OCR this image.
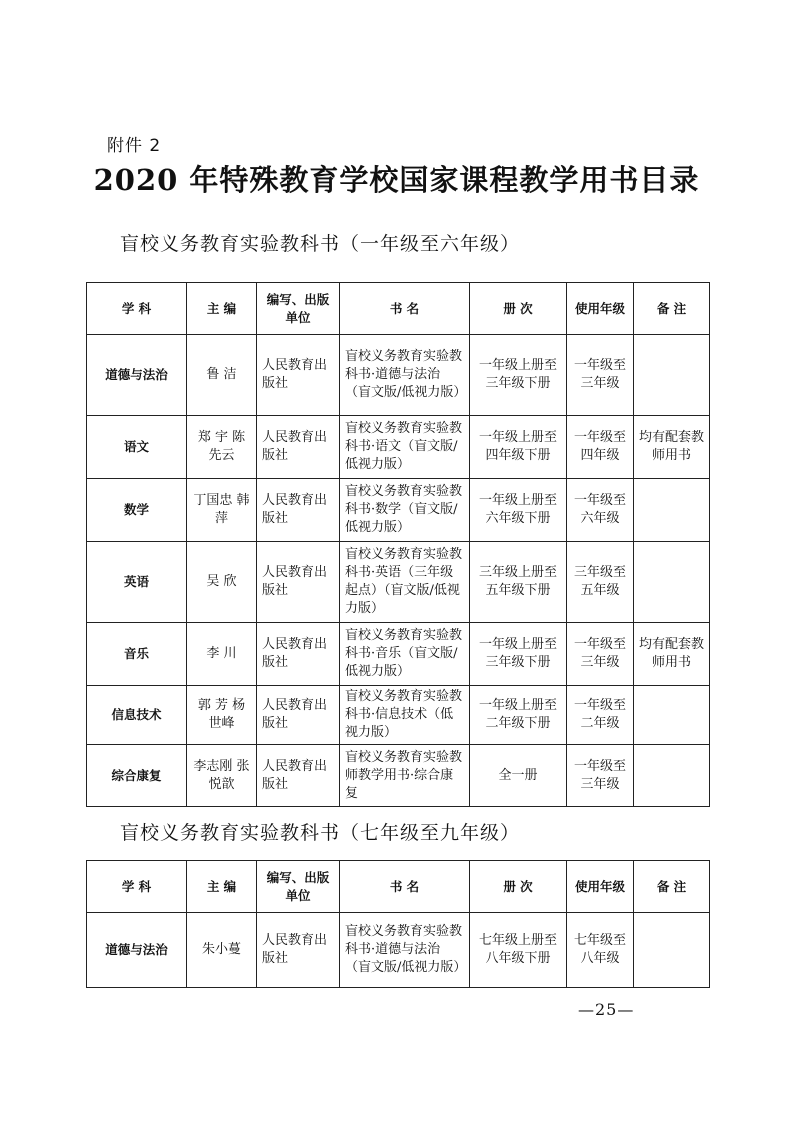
附件 2
2020 年特殊教育学校国家课程教学用书目录
盲校义务教育实验教科书（一年级至六年级）
学 科	主 编	编写、出版单位	书 名	册 次	使用年级	备 注
道德与法治	鲁 洁	人民教育出版社	盲校义务教育实验教科书·道德与法治（盲文版/低视力版）	一年级上册至三年级下册	一年级至三年级	
语文	郑 宇 陈先云	人民教育出版社	盲校义务教育实验教科书·语文（盲文版/低视力版）	一年级上册至四年级下册	一年级至四年级	均有配套教师用书
数学	丁国忠 韩 萍	人民教育出版社	盲校义务教育实验教科书·数学（盲文版/低视力版）	一年级上册至六年级下册	一年级至六年级	
英语	吴 欣	人民教育出版社	盲校义务教育实验教科书·英语（三年级起点）（盲文版/低视力版）	三年级上册至五年级下册	三年级至五年级	
音乐	李 川	人民教育出版社	盲校义务教育实验教科书·音乐（盲文版/低视力版）	一年级上册至三年级下册	一年级至三年级	均有配套教师用书
信息技术	郭 芳 杨世峰	人民教育出版社	盲校义务教育实验教科书·信息技术（低视力版）	一年级上册至二年级下册	一年级至二年级	
综合康复	李志刚 张悦歆	人民教育出版社	盲校义务教育实验教师教学用书·综合康复	全一册	一年级至三年级	
盲校义务教育实验教科书（七年级至九年级）
学 科	主 编	编写、出版单位	书 名	册 次	使用年级	备 注
道德与法治	朱小蔓	人民教育出版社	盲校义务教育实验教科书·道德与法治（盲文版/低视力版）	七年级上册至八年级下册	七年级至八年级	
—25—
